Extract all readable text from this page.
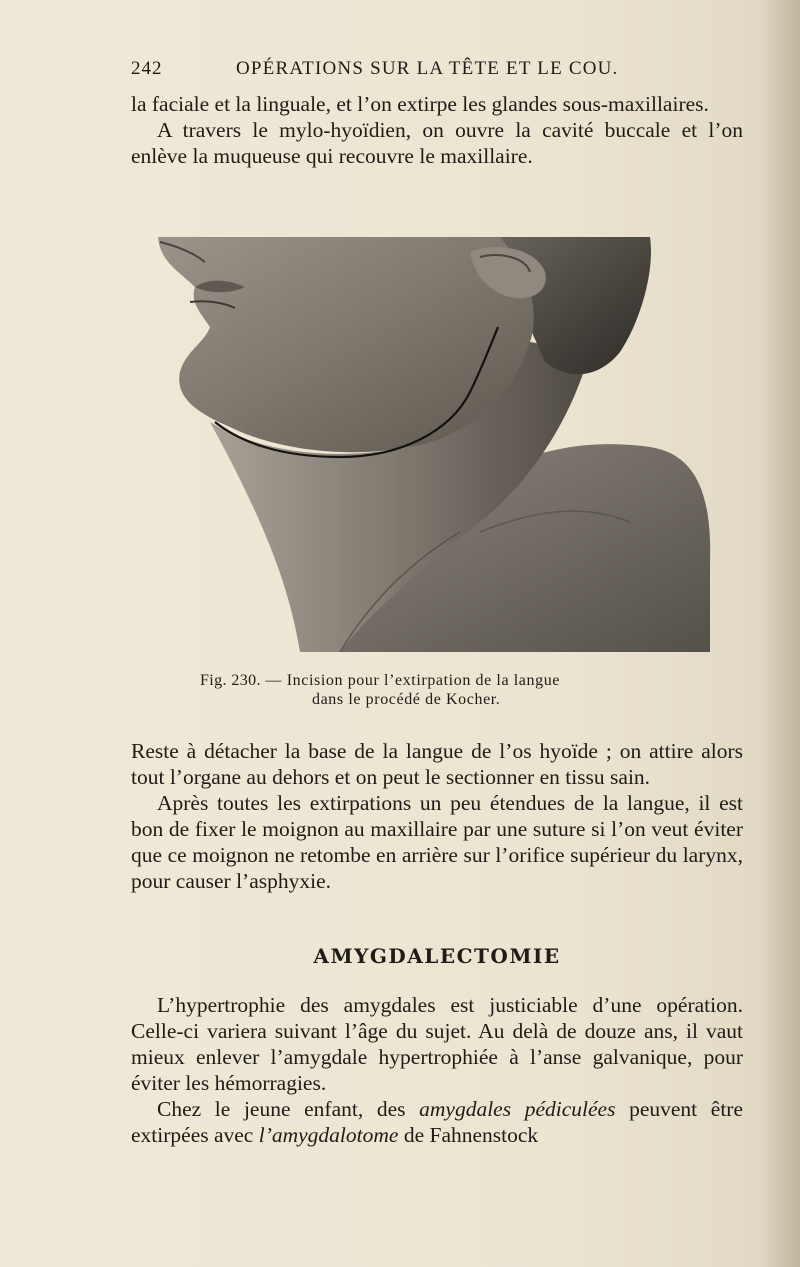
242	OPÉRATIONS SUR LA TÊTE ET LE COU.

la faciale et la linguale, et l’on extirpe les glandes sous-maxillaires.

A travers le mylo-hyoïdien, on ouvre la cavité buccale et l’on enlève la muqueuse qui recouvre le maxillaire.

Fig. 230. — Incision pour l’extirpation de la langue
dans le procédé de Kocher.

Reste à détacher la base de la langue de l’os hyoïde ; on attire alors tout l’organe au dehors et on peut le sectionner en tissu sain.

Après toutes les extirpations un peu étendues de la langue, il est bon de fixer le moignon au maxillaire par une suture si l’on veut éviter que ce moignon ne retombe en arrière sur l’orifice supérieur du larynx, pour causer l’asphyxie.

AMYGDALECTOMIE

L’hypertrophie des amygdales est justiciable d’une opération. Celle-ci variera suivant l’âge du sujet. Au delà de douze ans, il vaut mieux enlever l’amygdale hypertrophiée à l’anse galvanique, pour éviter les hémorragies.

Chez le jeune enfant, des amygdales pédiculées peuvent être extirpées avec l’amygdalotome de Fahnenstock
